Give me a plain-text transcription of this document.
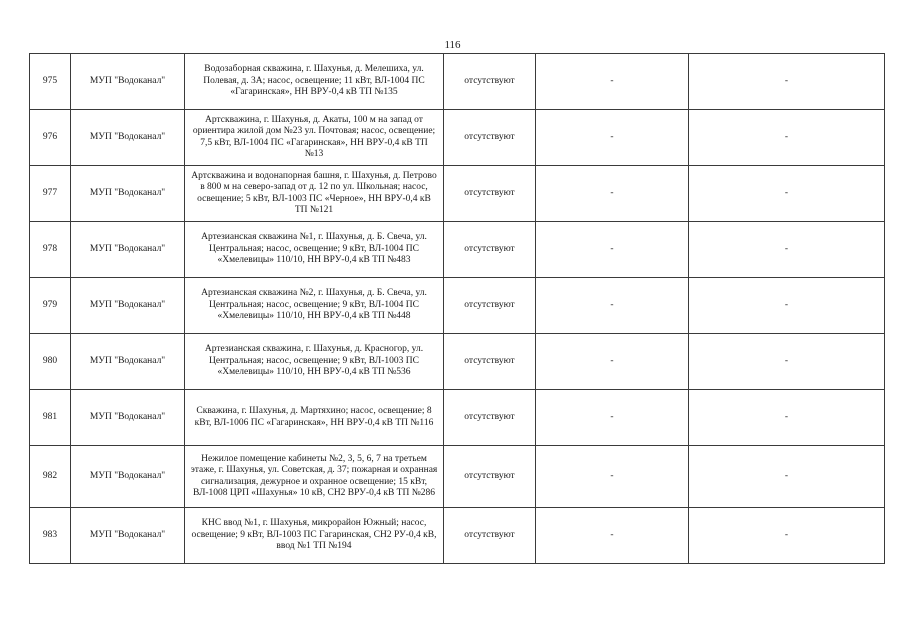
116
975	МУП "Водоканал"	Водозаборная скважина, г. Шахунья, д. Мелешиха, ул. Полевая, д. 3А; насос, освещение; 11 кВт, ВЛ-1004 ПС «Гагаринская», НН ВРУ-0,4 кВ ТП №135	отсутствуют	-	-
976	МУП "Водоканал"	Артскважина, г. Шахунья, д. Акаты, 100 м на запад от ориентира жилой дом №23 ул. Почтовая; насос, освещение; 7,5 кВт, ВЛ-1004 ПС «Гагаринская», НН ВРУ-0,4 кВ ТП №13	отсутствуют	-	-
977	МУП "Водоканал"	Артскважина и водонапорная башня, г. Шахунья, д. Петрово в 800 м на северо-запад от д. 12 по ул. Школьная; насос, освещение; 5 кВт, ВЛ-1003 ПС «Черное», НН ВРУ-0,4 кВ ТП №121	отсутствуют	-	-
978	МУП "Водоканал"	Артезианская скважина №1, г. Шахунья, д. Б. Свеча, ул. Центральная; насос, освещение; 9 кВт, ВЛ-1004 ПС «Хмелевицы» 110/10, НН ВРУ-0,4 кВ ТП №483	отсутствуют	-	-
979	МУП "Водоканал"	Артезианская скважина №2, г. Шахунья, д. Б. Свеча, ул. Центральная; насос, освещение; 9 кВт, ВЛ-1004 ПС «Хмелевицы» 110/10, НН ВРУ-0,4 кВ ТП №448	отсутствуют	-	-
980	МУП "Водоканал"	Артезианская скважина, г. Шахунья, д. Красногор, ул. Центральная; насос, освещение; 9 кВт, ВЛ-1003 ПС «Хмелевицы» 110/10, НН ВРУ-0,4 кВ ТП №536	отсутствуют	-	-
981	МУП "Водоканал"	Скважина, г. Шахунья, д. Мартяхино; насос, освещение; 8 кВт, ВЛ-1006 ПС «Гагаринская», НН ВРУ-0,4 кВ ТП №116	отсутствуют	-	-
982	МУП "Водоканал"	Нежилое помещение кабинеты №2, 3, 5, 6, 7 на третьем этаже, г. Шахунья, ул. Советская, д. 37; пожарная и охранная сигнализация, дежурное и охранное освещение; 15 кВт, ВЛ-1008 ЦРП «Шахунья» 10 кВ, СН2 ВРУ-0,4 кВ ТП №286	отсутствуют	-	-
983	МУП "Водоканал"	КНС ввод №1, г. Шахунья, микрорайон Южный; насос, освещение; 9 кВт, ВЛ-1003 ПС Гагаринская, СН2 РУ-0,4 кВ, ввод №1 ТП №194	отсутствуют	-	-
